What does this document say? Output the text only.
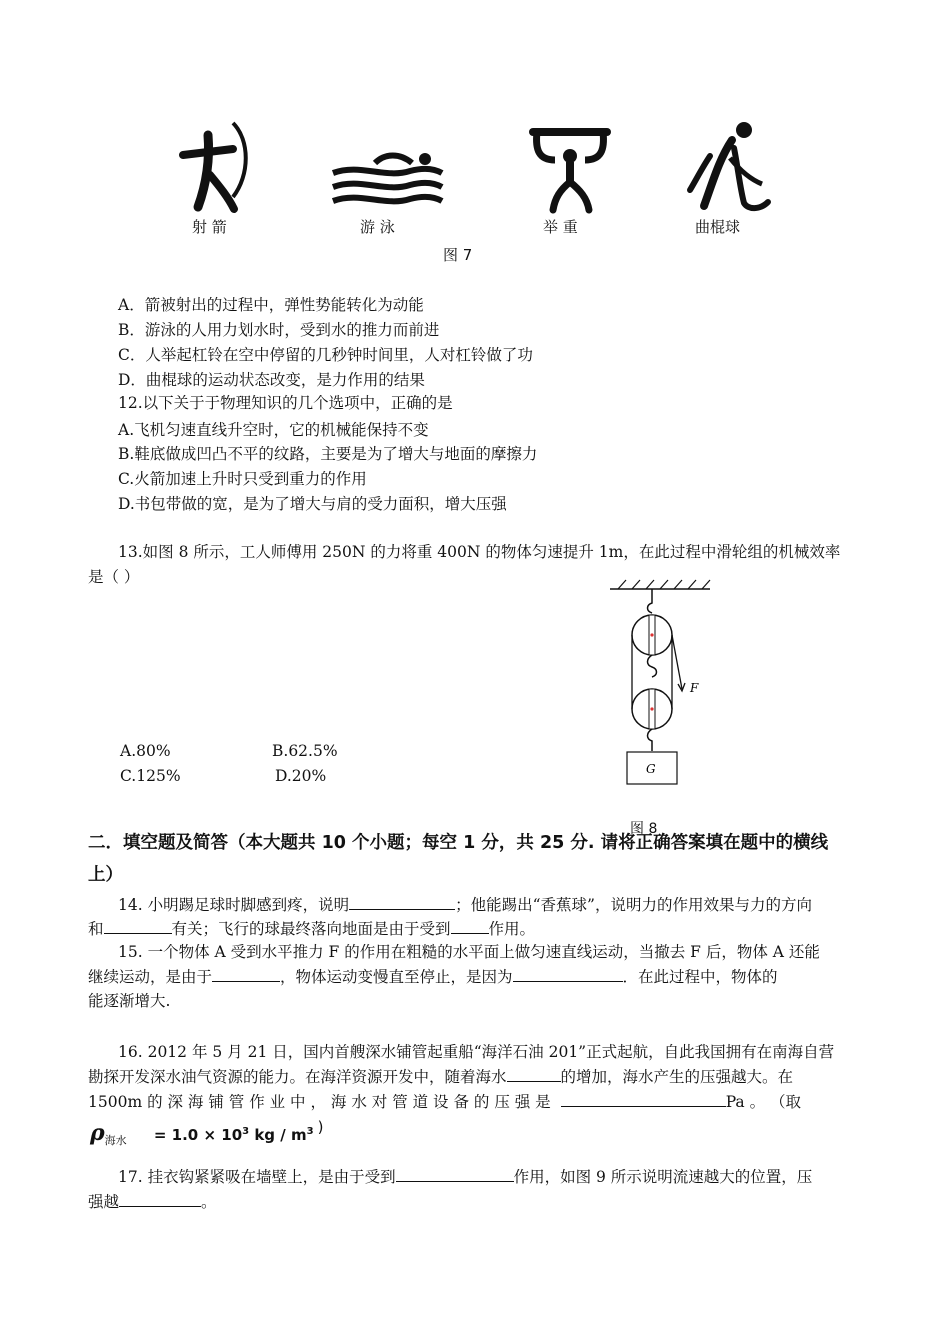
射 箭	游 泳	举 重	曲棍球
图 7
A．箭被射出的过程中，弹性势能转化为动能
B．游泳的人用力划水时，受到水的推力而前进
C．人举起杠铃在空中停留的几秒钟时间里，人对杠铃做了功
D．曲棍球的运动状态改变，是力作用的结果
12.以下关于于物理知识的几个选项中，正确的是
A.飞机匀速直线升空时，它的机械能保持不变
B.鞋底做成凹凸不平的纹路，主要是为了增大与地面的摩擦力
C.火箭加速上升时只受到重力的作用
D.书包带做的宽，是为了增大与肩的受力面积，增大压强
13.如图 8 所示，工人师傅用 250N 的力将重 400N 的物体匀速提升 1m，在此过程中滑轮组的机械效率
是（ ）
A.80%	B.62.5%
C.125%	D.20%
F
G
图 8
二．填空题及简答（本大题共 10 个小题；每空 1 分，共 25 分. 请将正确答案填在题中的横线
上）
14. 小明踢足球时脚感到疼，说明	；他能踢出“香蕉球”，说明力的作用效果与力的方向
和	有关；飞行的球最终落向地面是由于受到 作用。
15. 一个物体 A 受到水平推力 F 的作用在粗糙的水平面上做匀速直线运动，当撤去 F 后，物体 A 还能
继续运动，是由于	，物体运动变慢直至停止，是因为	．在此过程中，物体的
能逐渐增大.
16. 2012 年 5 月 21 日，国内首艘深水铺管起重船“海洋石油 201”正式起航，自此我国拥有在南海自营
勘探开发深水油气资源的能力。在海洋资源开发中，随着海水	的增加，海水产生的压强越大。在
1500m 的 深 海 铺 管 作 业 中 ， 海 水 对 管 道 设 备 的 压 强 是	Pa 。 （取
$\rho_{海水} = 1.0 \times 10^3$ kg / $m^3$ )
17. 挂衣钩紧紧吸在墙壁上，是由于受到	作用，如图 9 所示说明流速越大的位置，压
强越	。
